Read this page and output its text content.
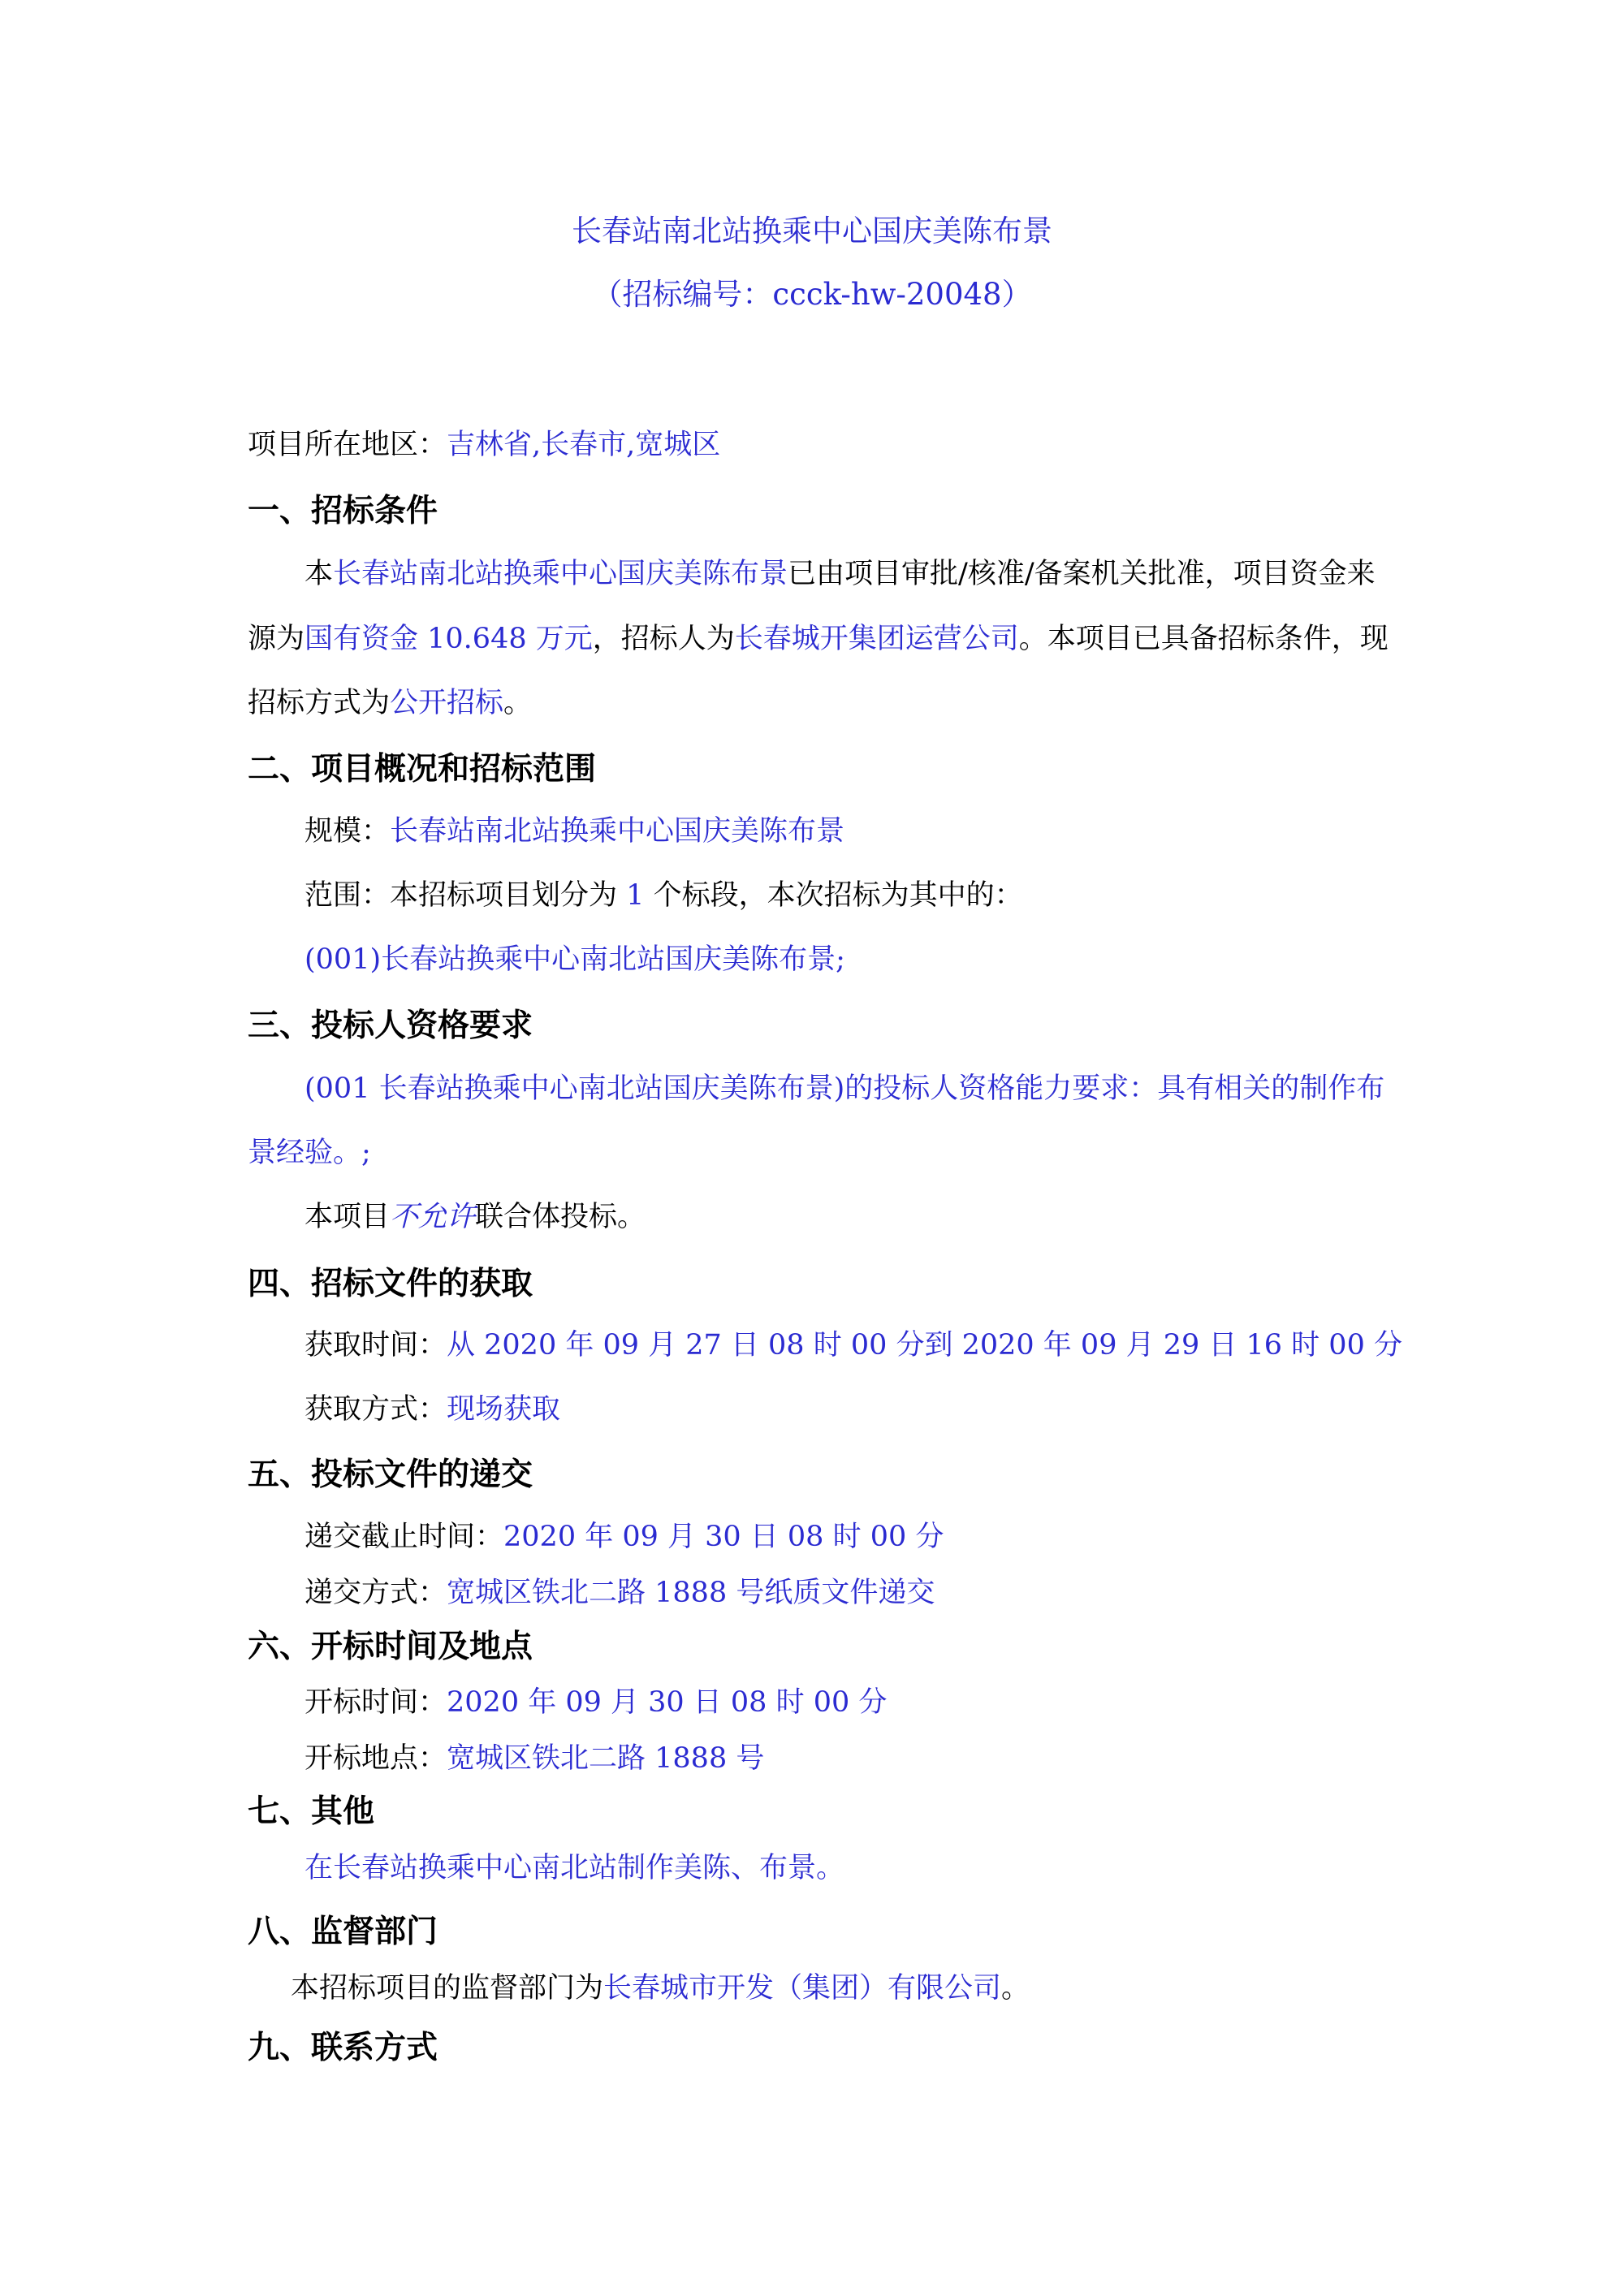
长春站南北站换乘中心国庆美陈布景
（招标编号：ccck-hw-20048）
项目所在地区：吉林省,长春市,宽城区
一、招标条件
本长春站南北站换乘中心国庆美陈布景已由项目审批/核准/备案机关批准，项目资金来
源为国有资金 10.648 万元，招标人为长春城开集团运营公司。本项目已具备招标条件，现
招标方式为公开招标。
二、项目概况和招标范围
规模：长春站南北站换乘中心国庆美陈布景
范围：本招标项目划分为 1 个标段，本次招标为其中的：
(001)长春站换乘中心南北站国庆美陈布景;
三、投标人资格要求
(001 长春站换乘中心南北站国庆美陈布景)的投标人资格能力要求：具有相关的制作布
景经验。;
本项目不允许联合体投标。
四、招标文件的获取
获取时间：从 2020 年 09 月 27 日 08 时 00 分到 2020 年 09 月 29 日 16 时 00 分
获取方式：现场获取
五、投标文件的递交
递交截止时间：2020 年 09 月 30 日 08 时 00 分
递交方式：宽城区铁北二路 1888 号纸质文件递交
六、开标时间及地点
开标时间：2020 年 09 月 30 日 08 时 00 分
开标地点：宽城区铁北二路 1888 号
七、其他
在长春站换乘中心南北站制作美陈、布景。
八、监督部门
本招标项目的监督部门为长春城市开发（集团）有限公司。
九、联系方式
